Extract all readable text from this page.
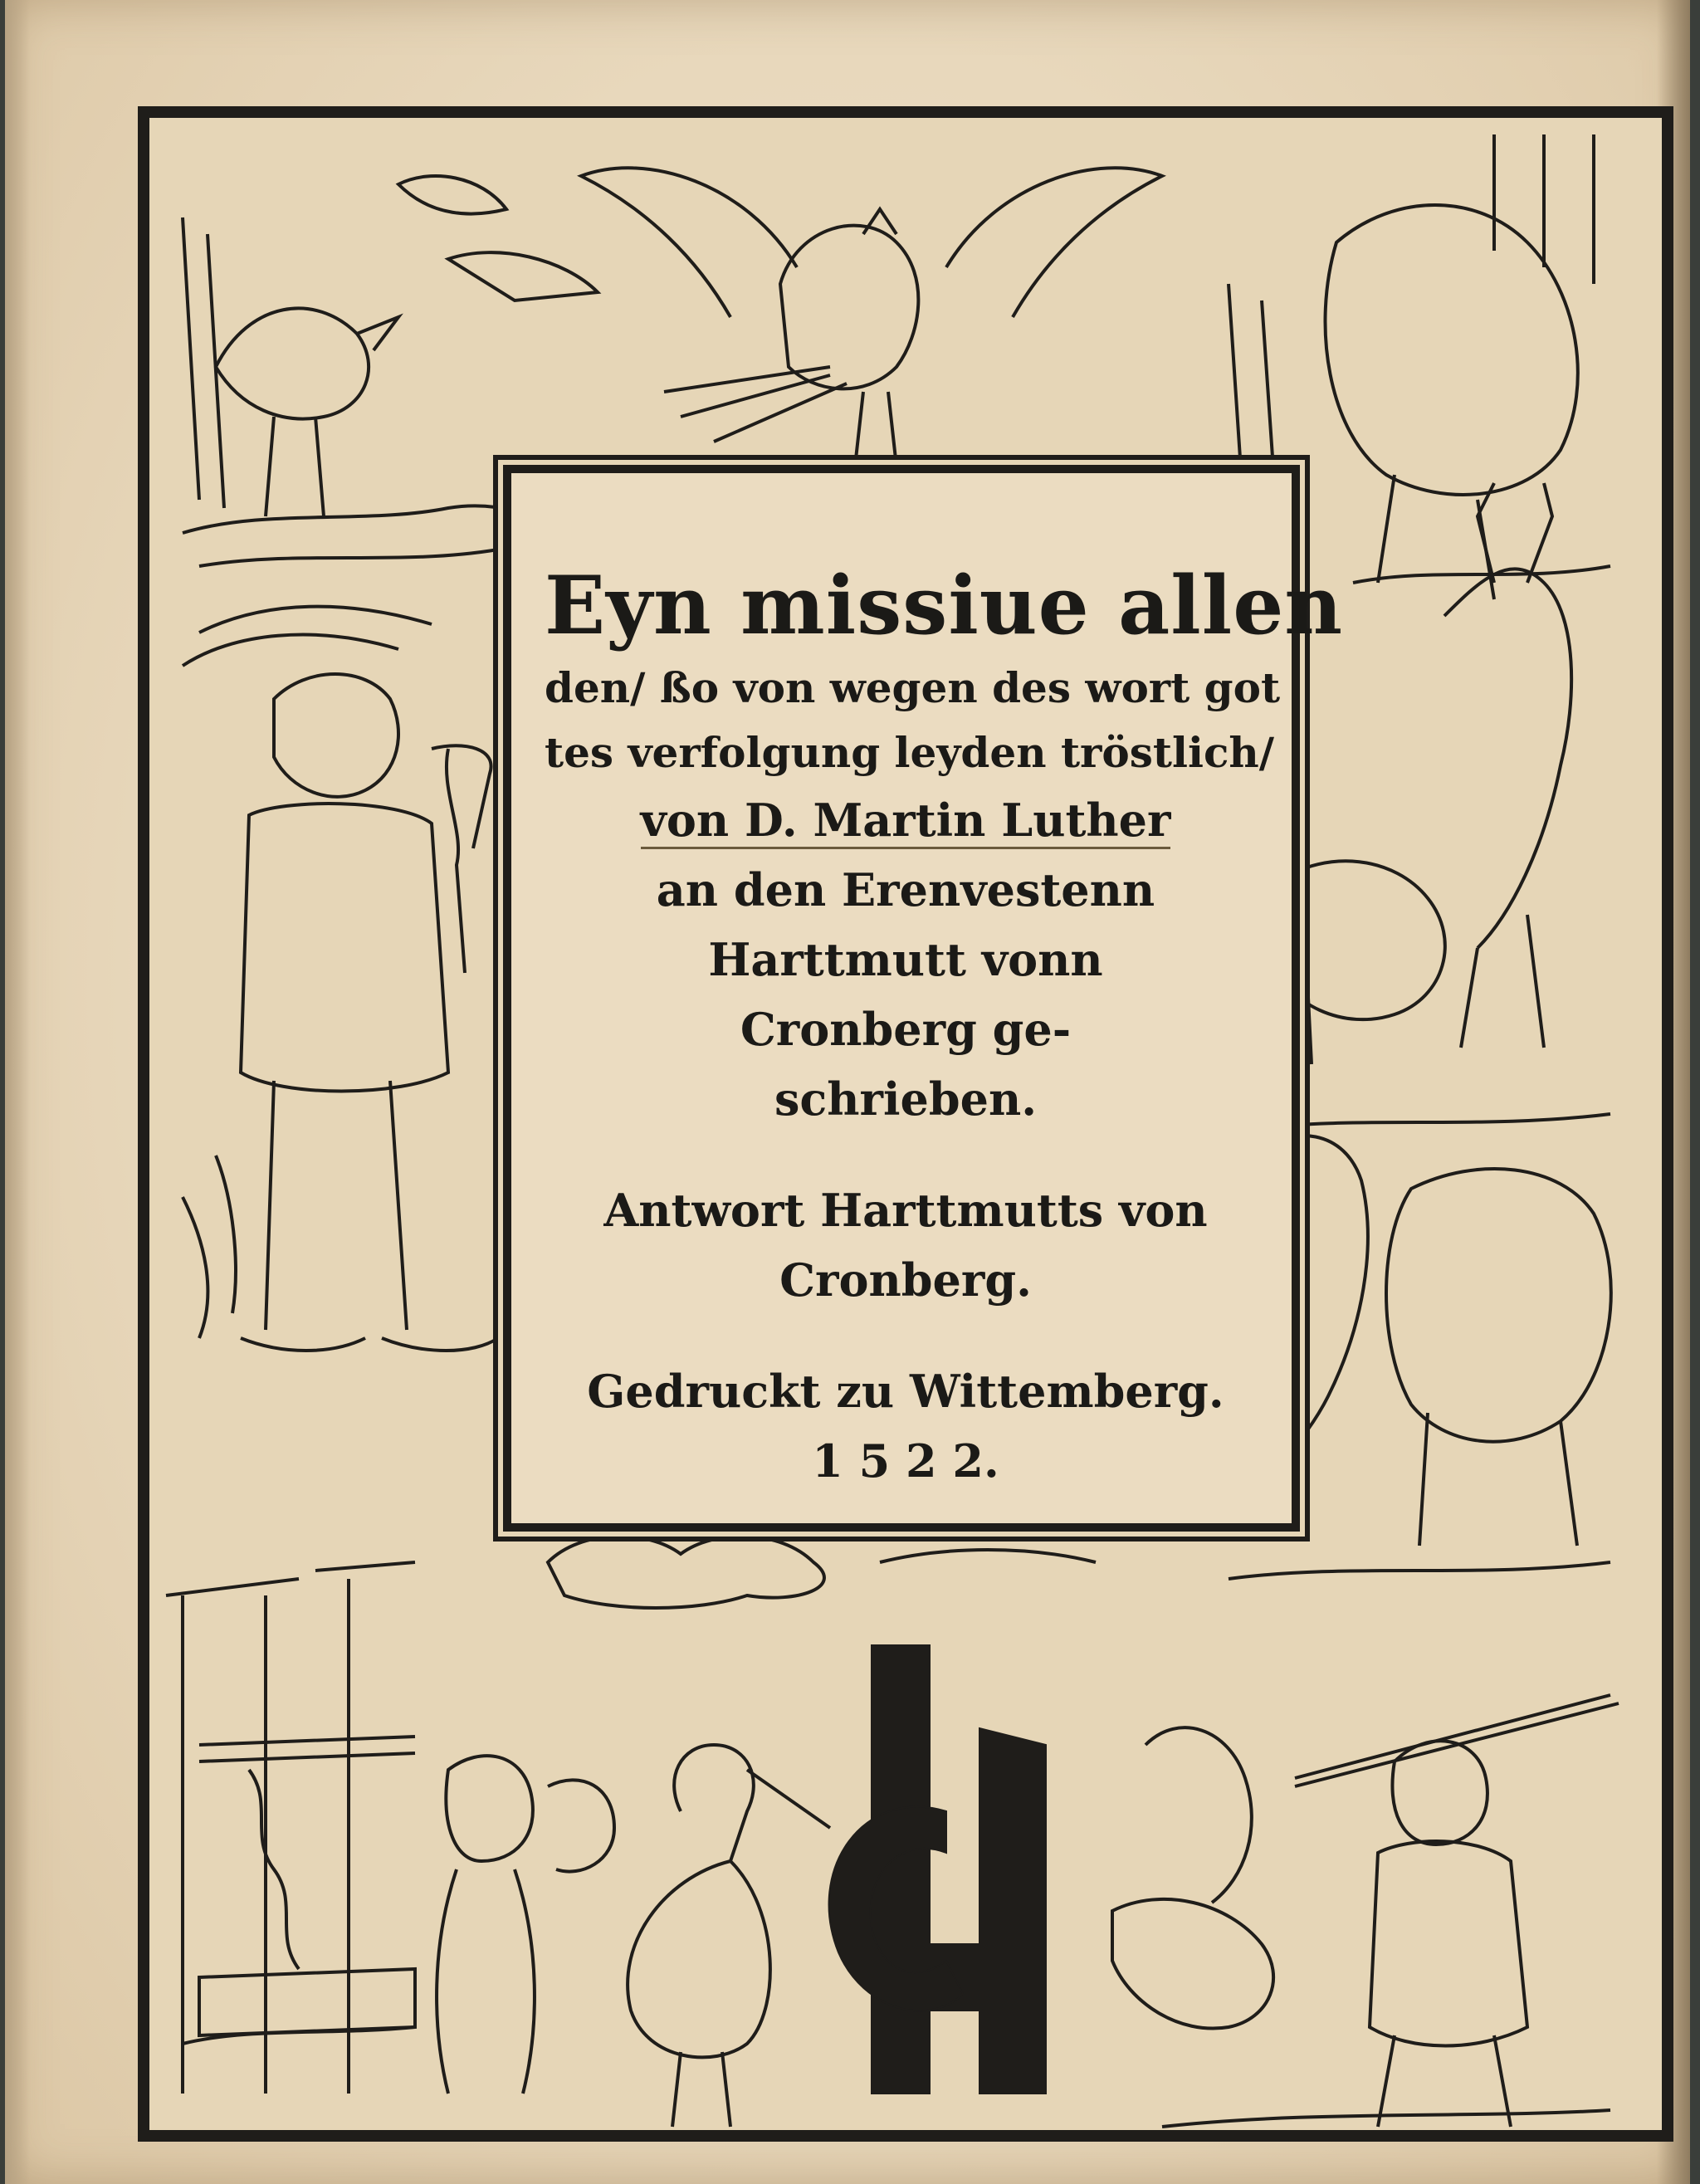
Eyn missiue allen
den/ ßo von wegen des wort got
tes verfolgung leyden tröstlich/
von D. Martin Luther
an den Erenvestenn
Harttmutt vonn
Cronberg ge-
schrieben.
Antwort Harttmutts von
Cronberg.
Gedruckt zu Wittemberg.
1 5 2 2.
